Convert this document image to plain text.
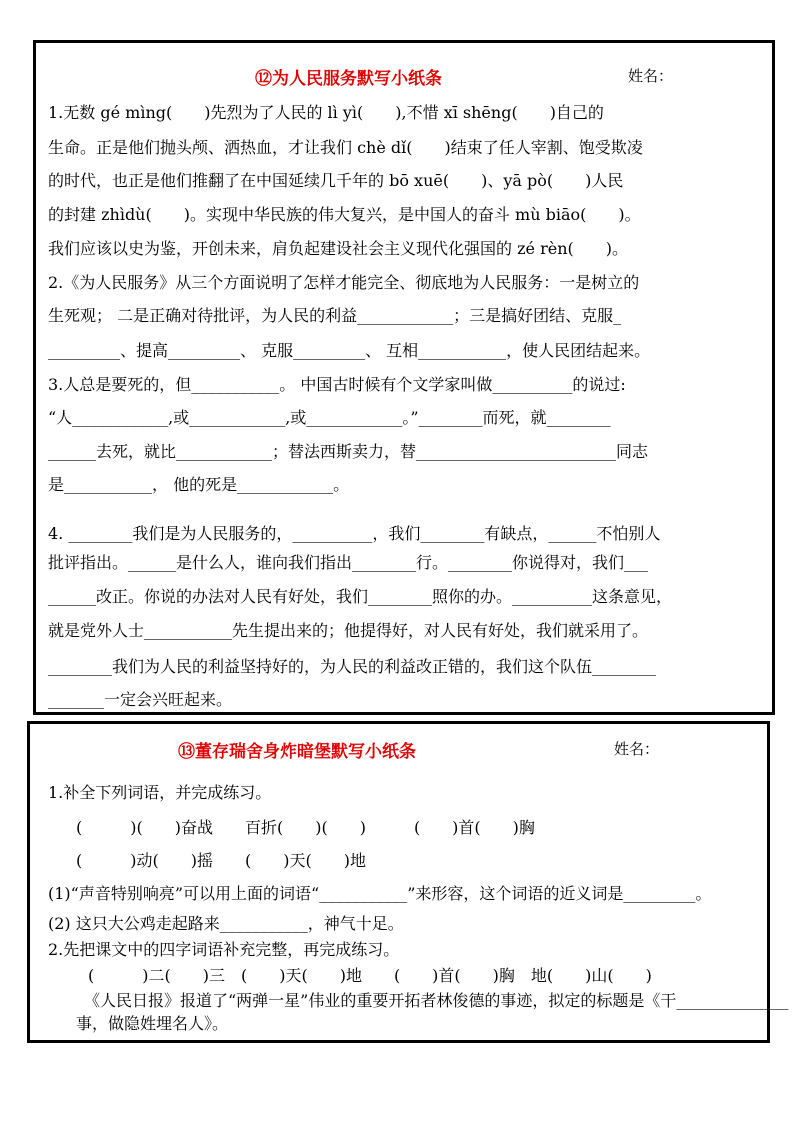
⑫为人民服务默写小纸条	姓名：
1.无数 gé mìng(　　)先烈为了人民的 lì yì(　　),不惜 xī shēng(　　)自己的
生命。正是他们抛头颅、洒热血，才让我们 chè dǐ(　　)结束了任人宰割、饱受欺凌
的时代，也正是他们推翻了在中国延续几千年的 bō xuē(　　)、yā pò(　　)人民
的封建 zhìdù(　　)。实现中华民族的伟大复兴，是中国人的奋斗 mù biāo(　　)。
我们应该以史为鉴，开创未来，肩负起建设社会主义现代化强国的 zé rèn(　　)。
2.《为人民服务》从三个方面说明了怎样才能完全、彻底地为人民服务：一是树立的
生死观； 二是正确对待批评，为人民的利益____________；三是搞好团结、克服_
_________、提高_________、 克服_________、 互相___________，使人民团结起来。
3.人总是要死的，但___________。 中国古时候有个文学家叫做__________的说过:
“人____________,或____________,或____________。”________而死，就________
______去死，就比____________；替法西斯卖力，替_________________________同志
是___________， 他的死是____________。
4. ________我们是为人民服务的，__________，我们________有缺点，______不怕别人
批评指出。______是什么人，谁向我们指出________行。________你说得对，我们___
______改正。你说的办法对人民有好处，我们________照你的办。__________这条意见，
就是党外人士___________先生提出来的；他提得好，对人民有好处，我们就采用了。
________我们为人民的利益坚持好的，为人民的利益改正错的，我们这个队伍________
_______一定会兴旺起来。
⑬董存瑞舍身炸暗堡默写小纸条	姓名：
1.补全下列词语，并完成练习。
　(　　　)(　　)奋战　　百折(　　)(　　)　　　(　　)首(　　)胸
　(　　　)动(　　)摇　　(　　)天(　　)地
(1)“声音特别响亮”可以用上面的词语“___________”来形容，这个词语的近义词是_________。
(2) 这只大公鸡走起路来___________，神气十足。
2.先把课文中的四字词语补充完整，再完成练习。
　　(　　　)二(　　)三　(　　)天(　　)地　　(　　)首(　　)胸　地(　　)山(　　)
　　《人民日报》报道了“两弹一星”伟业的重要开拓者林俊德的事迹，拟定的标题是《干______________
事，做隐姓埋名人》。
